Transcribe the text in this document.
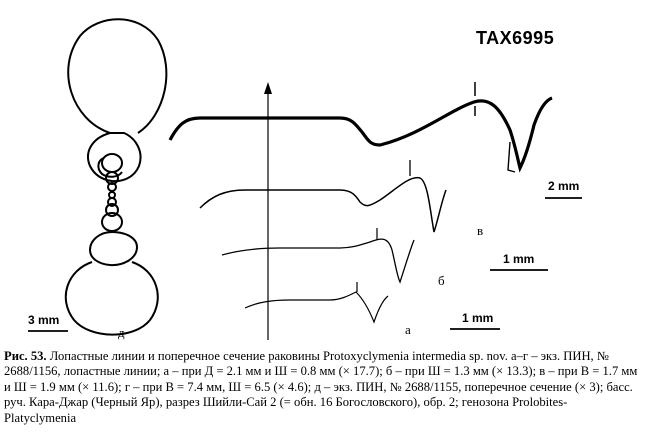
TAX6995
2 mm
1 mm
1 mm
3 mm
в
б
а
д
Рис. 53. Лопастные линии и поперечное сечение раковины Protoxyclymenia intermedia sp. nov. а–г – экз. ПИН, № 2688/1156, лопастные линии; а – при Д = 2.1 мм и Ш = 0.8 мм (× 17.7); б – при Ш = 1.3 мм (× 13.3); в – при В = 1.7 мм и Ш = 1.9 мм (× 11.6); г – при В = 7.4 мм, Ш = 6.5 (× 4.6); д – экз. ПИН, № 2688/1155, поперечное сечение (× 3); басс. руч. Кара-Джар (Черный Яр), разрез Шийли-Сай 2 (= обн. 16 Богословского), обр. 2; генозона Prolobites-Platyclymenia
